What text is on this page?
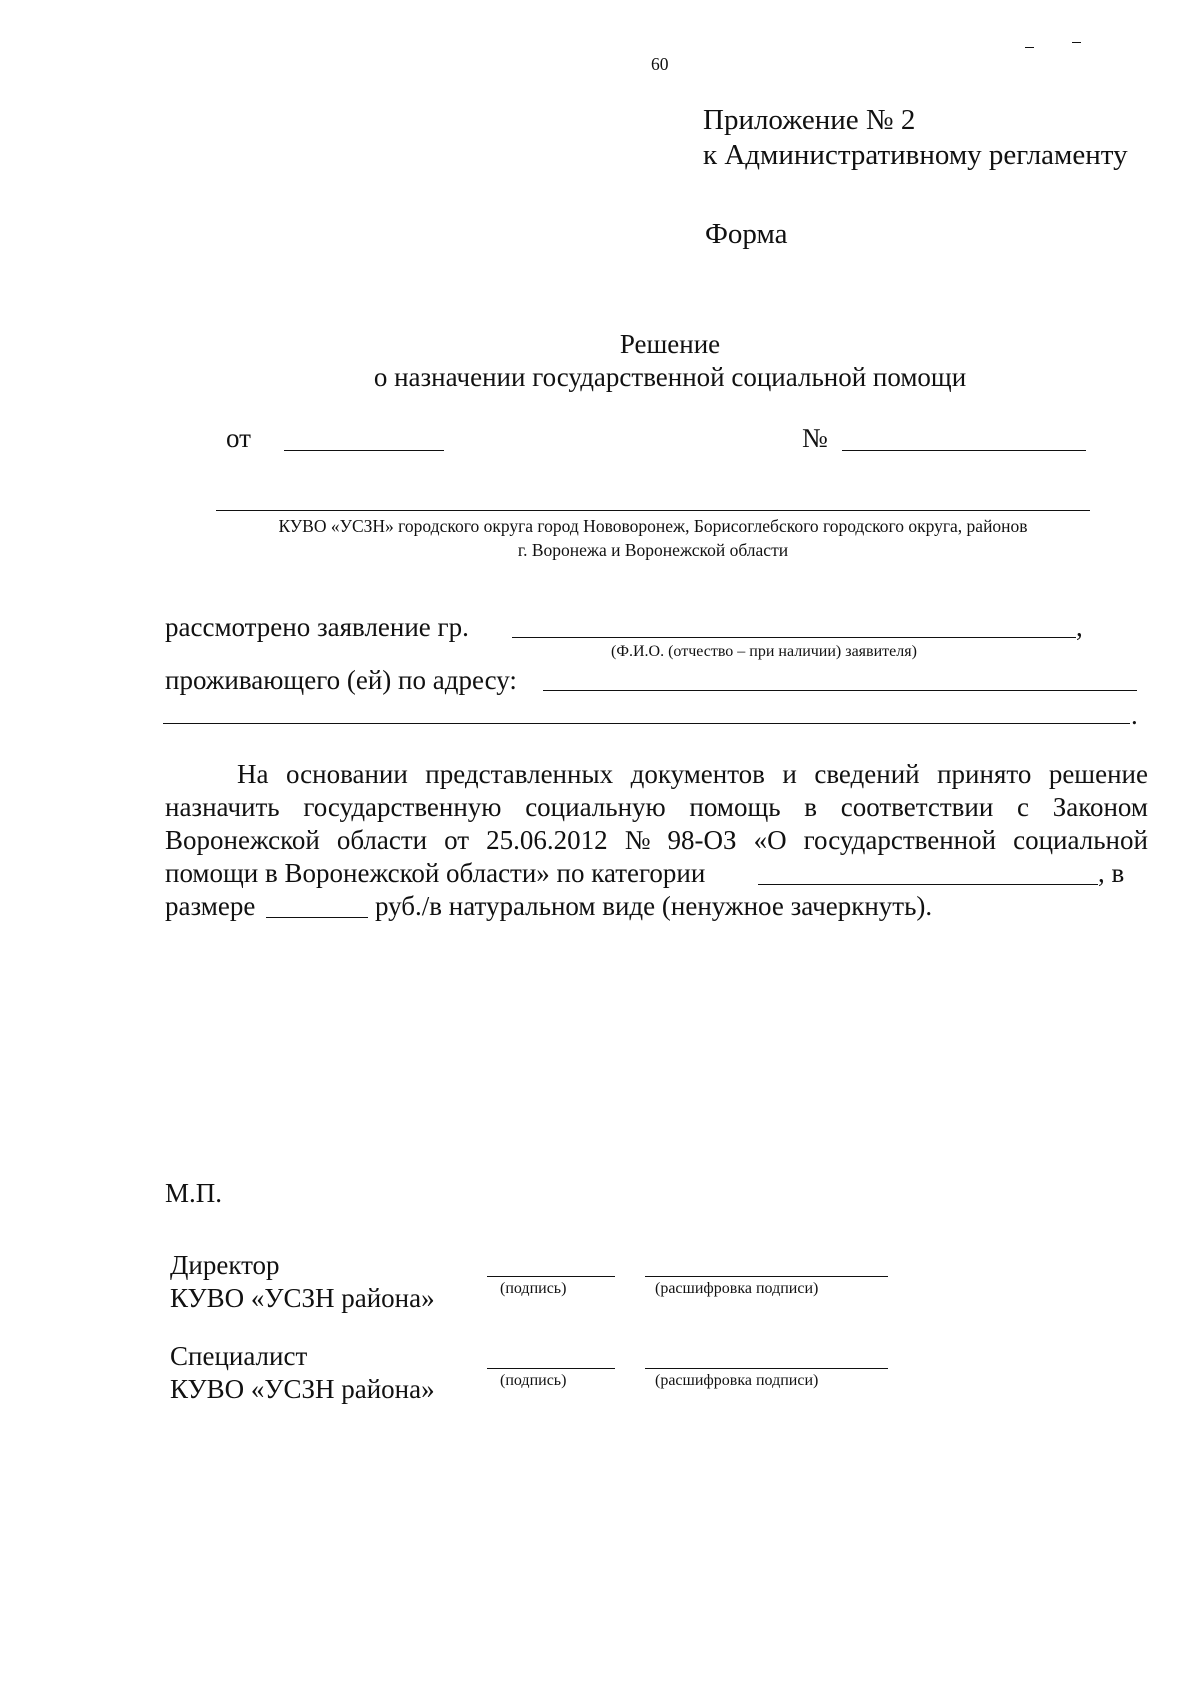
60
Приложение № 2
к Административному регламенту
Форма
Решение
о назначении государственной социальной помощи
от	№
КУВО «УСЗН» городского округа город Нововоронеж, Борисоглебского городского округа, районов
г. Воронежа и Воронежской области
рассмотрено заявление гр.	,
(Ф.И.О. (отчество – при наличии) заявителя)
проживающего (ей) по адресу:
.
На основании представленных документов и сведений принято решение
назначить государственную социальную помощь в соответствии с Законом
Воронежской области от 25.06.2012 № 98-ОЗ «О государственной социальной
помощи в Воронежской области» по категории	, в
размере	руб./в натуральном виде (ненужное зачеркнуть).
М.П.
Директор
КУВО «УСЗН района»	(подпись)	(расшифровка подписи)
Специалист
КУВО «УСЗН района»	(подпись)	(расшифровка подписи)
